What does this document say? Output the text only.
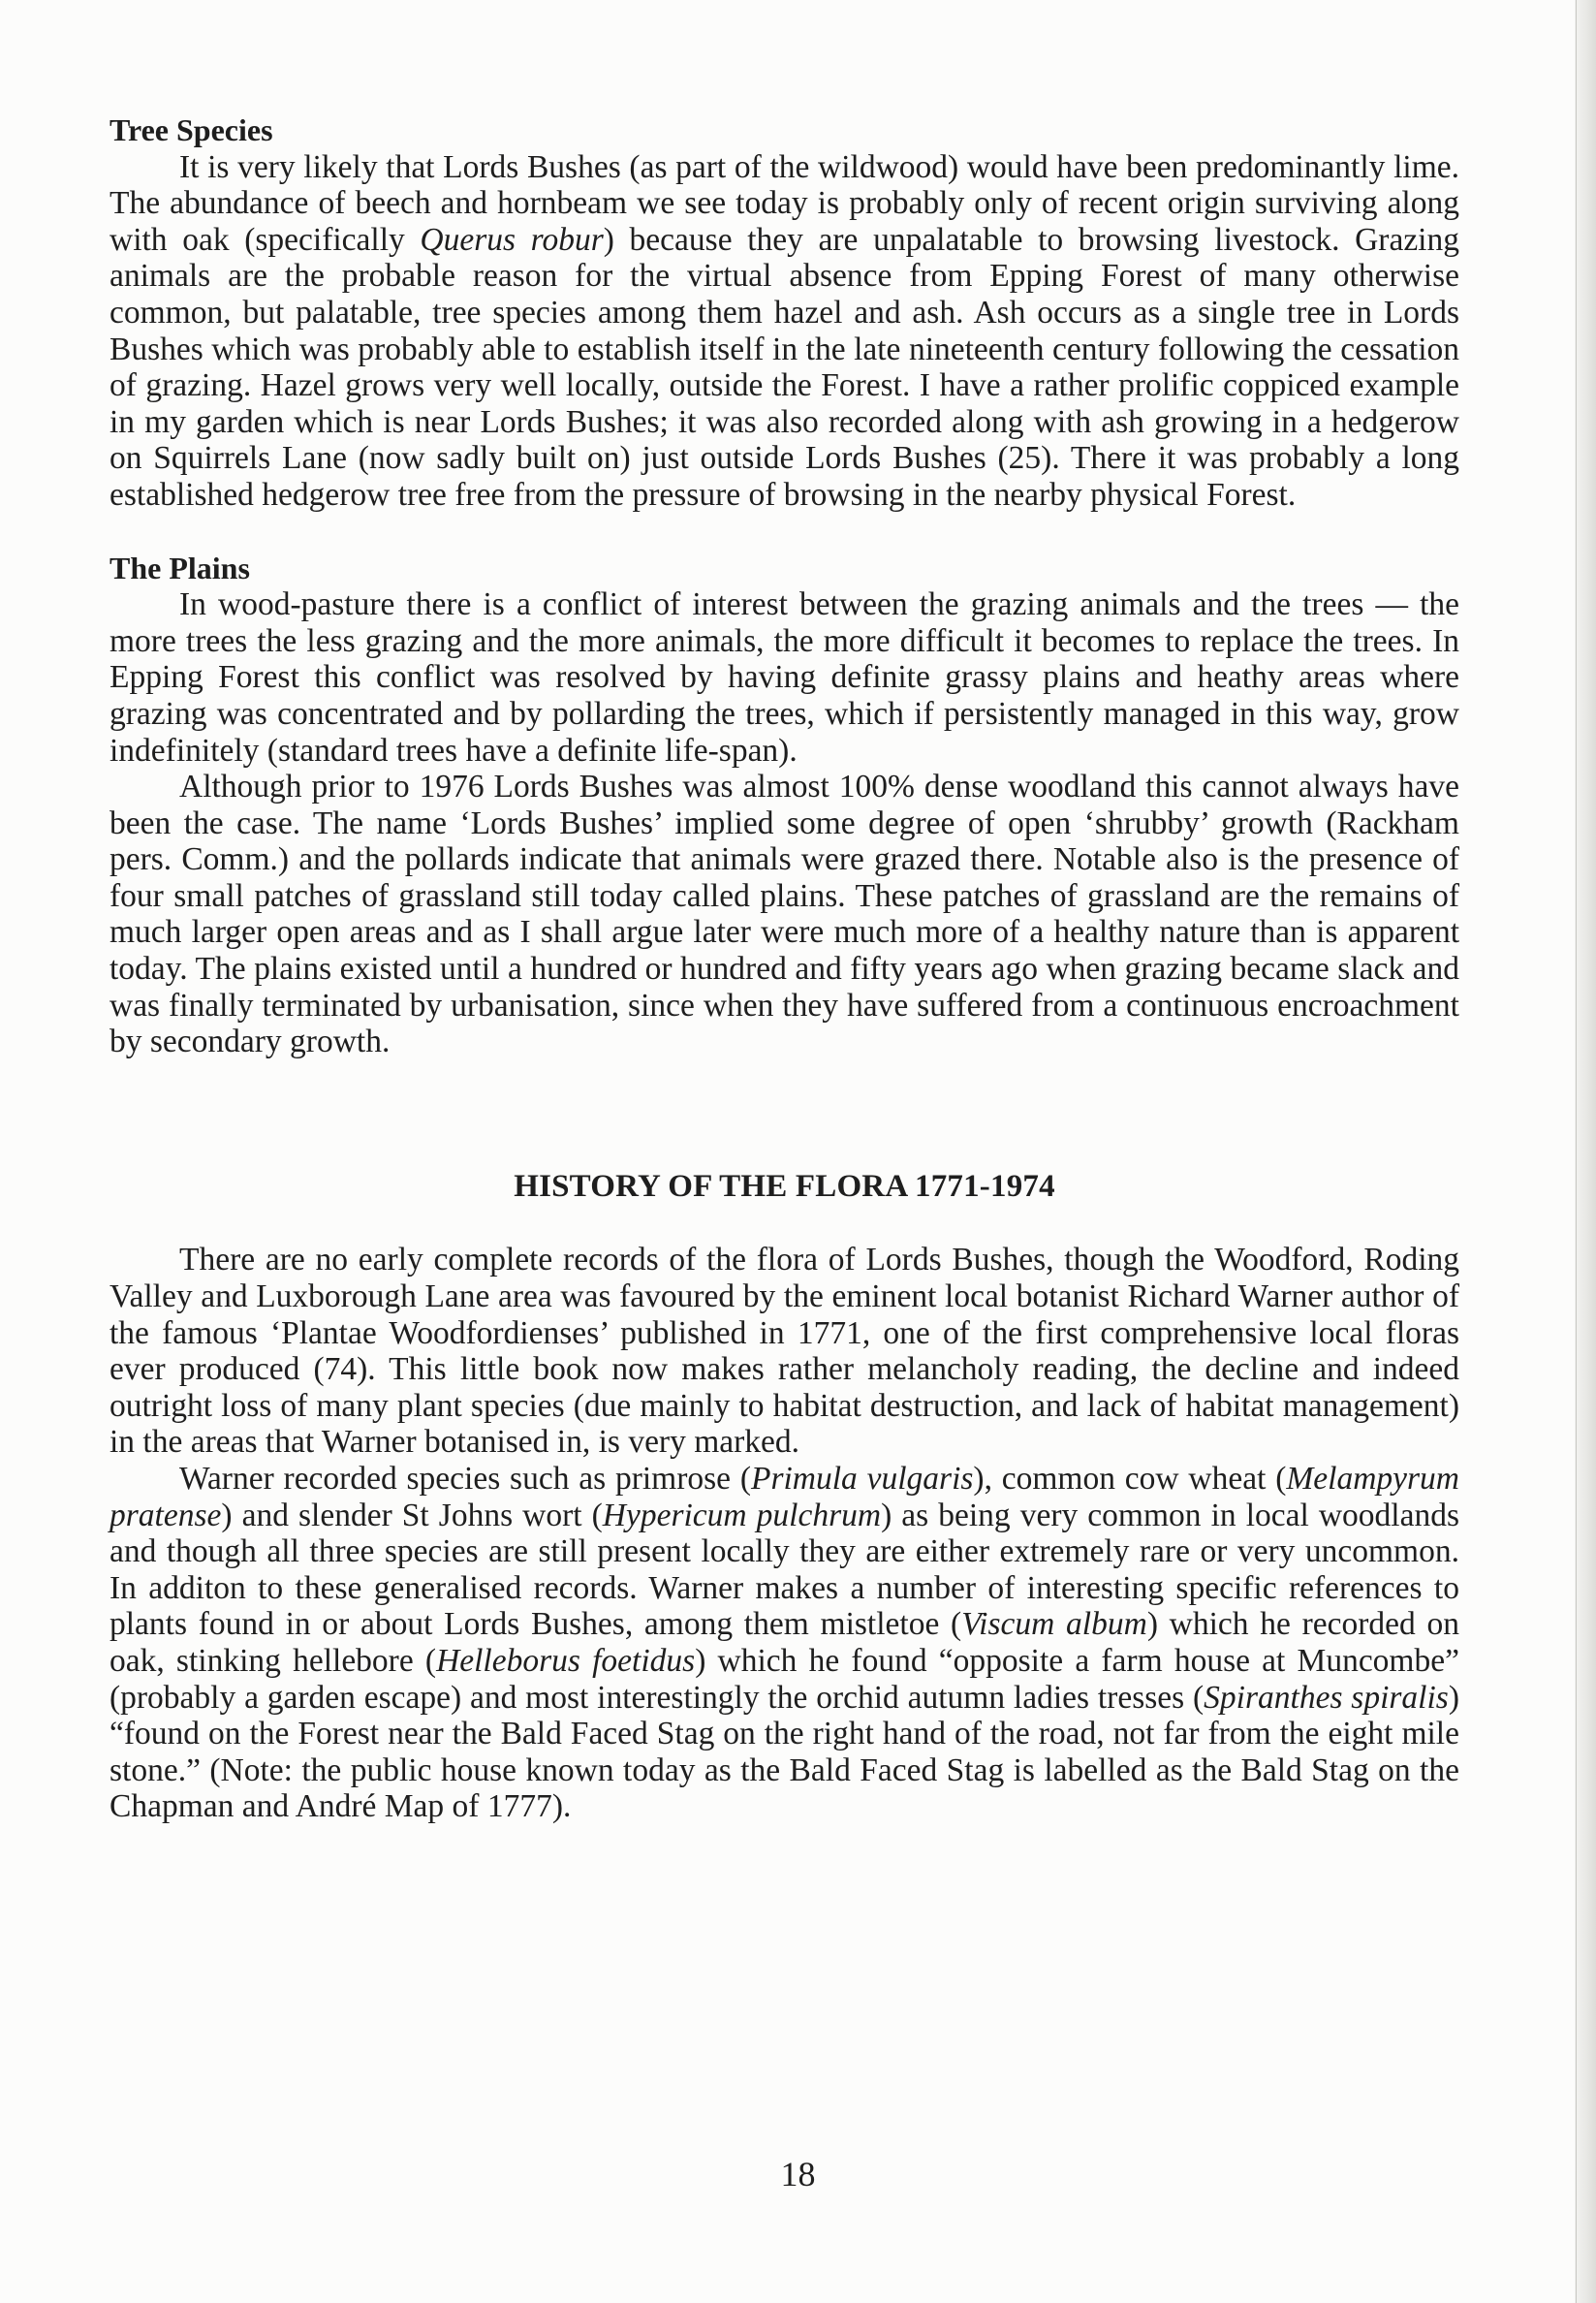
Tree Species

It is very likely that Lords Bushes (as part of the wildwood) would have been predominantly lime. The abundance of beech and hornbeam we see today is probably only of recent origin surviving along with oak (specifically Querus robur) because they are unpalatable to browsing livestock. Grazing animals are the probable reason for the virtual absence from Epping Forest of many otherwise common, but palatable, tree species among them hazel and ash. Ash occurs as a single tree in Lords Bushes which was probably able to establish itself in the late nineteenth century following the cessation of grazing. Hazel grows very well locally, outside the Forest. I have a rather prolific coppiced example in my garden which is near Lords Bushes; it was also recorded along with ash growing in a hedgerow on Squirrels Lane (now sadly built on) just outside Lords Bushes (25). There it was probably a long established hedgerow tree free from the pressure of browsing in the nearby physical Forest.

The Plains

In wood-pasture there is a conflict of interest between the grazing animals and the trees — the more trees the less grazing and the more animals, the more difficult it becomes to replace the trees. In Epping Forest this conflict was resolved by having definite grassy plains and heathy areas where grazing was concentrated and by pollarding the trees, which if persistently managed in this way, grow indefinitely (standard trees have a definite life-span).

Although prior to 1976 Lords Bushes was almost 100% dense woodland this cannot always have been the case. The name ‘Lords Bushes’ implied some degree of open ‘shrubby’ growth (Rackham pers. Comm.) and the pollards indicate that animals were grazed there. Notable also is the presence of four small patches of grassland still today called plains. These patches of grassland are the remains of much larger open areas and as I shall argue later were much more of a healthy nature than is apparent today. The plains existed until a hundred or hundred and fifty years ago when grazing became slack and was finally terminated by urbanisation, since when they have suffered from a continuous encroachment by secondary growth.

HISTORY OF THE FLORA 1771-1974

There are no early complete records of the flora of Lords Bushes, though the Woodford, Roding Valley and Luxborough Lane area was favoured by the eminent local botanist Richard Warner author of the famous ‘Plantae Woodfordienses’ published in 1771, one of the first comprehensive local floras ever produced (74). This little book now makes rather melancholy reading, the decline and indeed outright loss of many plant species (due mainly to habitat destruction, and lack of habitat management) in the areas that Warner botanised in, is very marked.

Warner recorded species such as primrose (Primula vulgaris), common cow wheat (Melampyrum pratense) and slender St Johns wort (Hypericum pulchrum) as being very common in local woodlands and though all three species are still present locally they are either extremely rare or very uncommon. In additon to these generalised records. Warner makes a number of interesting specific references to plants found in or about Lords Bushes, among them mistletoe (Viscum album) which he recorded on oak, stinking hellebore (Helleborus foetidus) which he found “opposite a farm house at Muncombe” (probably a garden escape) and most interestingly the orchid autumn ladies tresses (Spiranthes spiralis) “found on the Forest near the Bald Faced Stag on the right hand of the road, not far from the eight mile stone.” (Note: the public house known today as the Bald Faced Stag is labelled as the Bald Stag on the Chapman and André Map of 1777).

18
